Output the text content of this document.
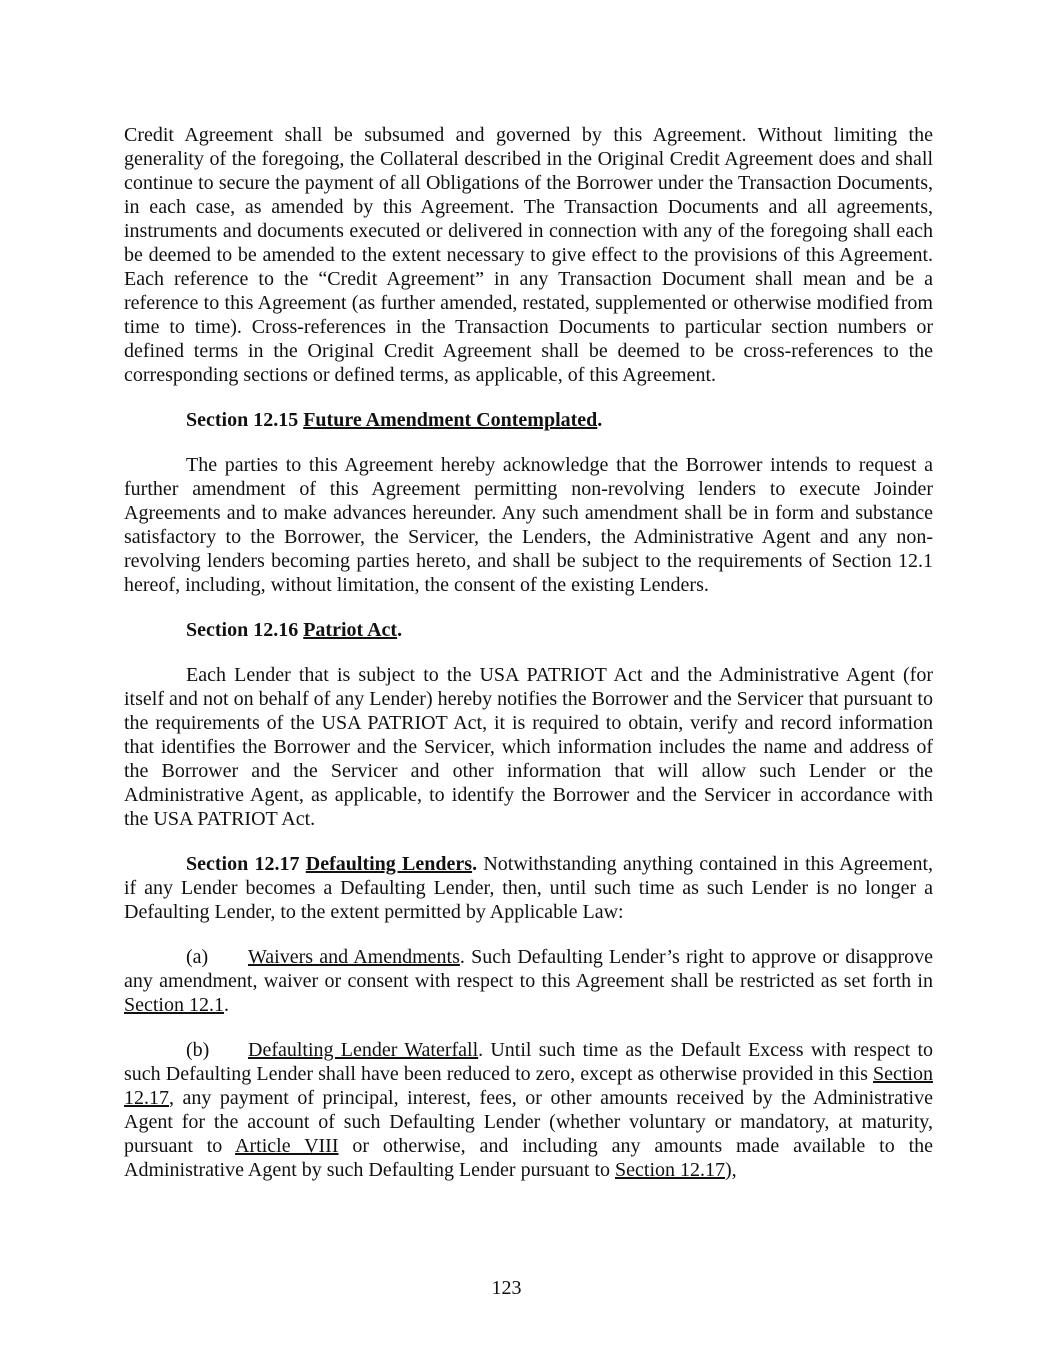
Credit Agreement shall be subsumed and governed by this Agreement. Without limiting the generality of the foregoing, the Collateral described in the Original Credit Agreement does and shall continue to secure the payment of all Obligations of the Borrower under the Transaction Documents, in each case, as amended by this Agreement. The Transaction Documents and all agreements, instruments and documents executed or delivered in connection with any of the foregoing shall each be deemed to be amended to the extent necessary to give effect to the provisions of this Agreement. Each reference to the “Credit Agreement” in any Transaction Document shall mean and be a reference to this Agreement (as further amended, restated, supplemented or otherwise modified from time to time). Cross-references in the Transaction Documents to particular section numbers or defined terms in the Original Credit Agreement shall be deemed to be cross-references to the corresponding sections or defined terms, as applicable, of this Agreement.

Section 12.15 Future Amendment Contemplated.

The parties to this Agreement hereby acknowledge that the Borrower intends to request a further amendment of this Agreement permitting non-revolving lenders to execute Joinder Agreements and to make advances hereunder. Any such amendment shall be in form and substance satisfactory to the Borrower, the Servicer, the Lenders, the Administrative Agent and any non-revolving lenders becoming parties hereto, and shall be subject to the requirements of Section 12.1 hereof, including, without limitation, the consent of the existing Lenders.

Section 12.16 Patriot Act.

Each Lender that is subject to the USA PATRIOT Act and the Administrative Agent (for itself and not on behalf of any Lender) hereby notifies the Borrower and the Servicer that pursuant to the requirements of the USA PATRIOT Act, it is required to obtain, verify and record information that identifies the Borrower and the Servicer, which information includes the name and address of the Borrower and the Servicer and other information that will allow such Lender or the Administrative Agent, as applicable, to identify the Borrower and the Servicer in accordance with the USA PATRIOT Act.

Section 12.17 Defaulting Lenders. Notwithstanding anything contained in this Agreement, if any Lender becomes a Defaulting Lender, then, until such time as such Lender is no longer a Defaulting Lender, to the extent permitted by Applicable Law:

(a) Waivers and Amendments. Such Defaulting Lender’s right to approve or disapprove any amendment, waiver or consent with respect to this Agreement shall be restricted as set forth in Section 12.1.

(b) Defaulting Lender Waterfall. Until such time as the Default Excess with respect to such Defaulting Lender shall have been reduced to zero, except as otherwise provided in this Section 12.17, any payment of principal, interest, fees, or other amounts received by the Administrative Agent for the account of such Defaulting Lender (whether voluntary or mandatory, at maturity, pursuant to Article VIII or otherwise, and including any amounts made available to the Administrative Agent by such Defaulting Lender pursuant to Section 12.17),

123
